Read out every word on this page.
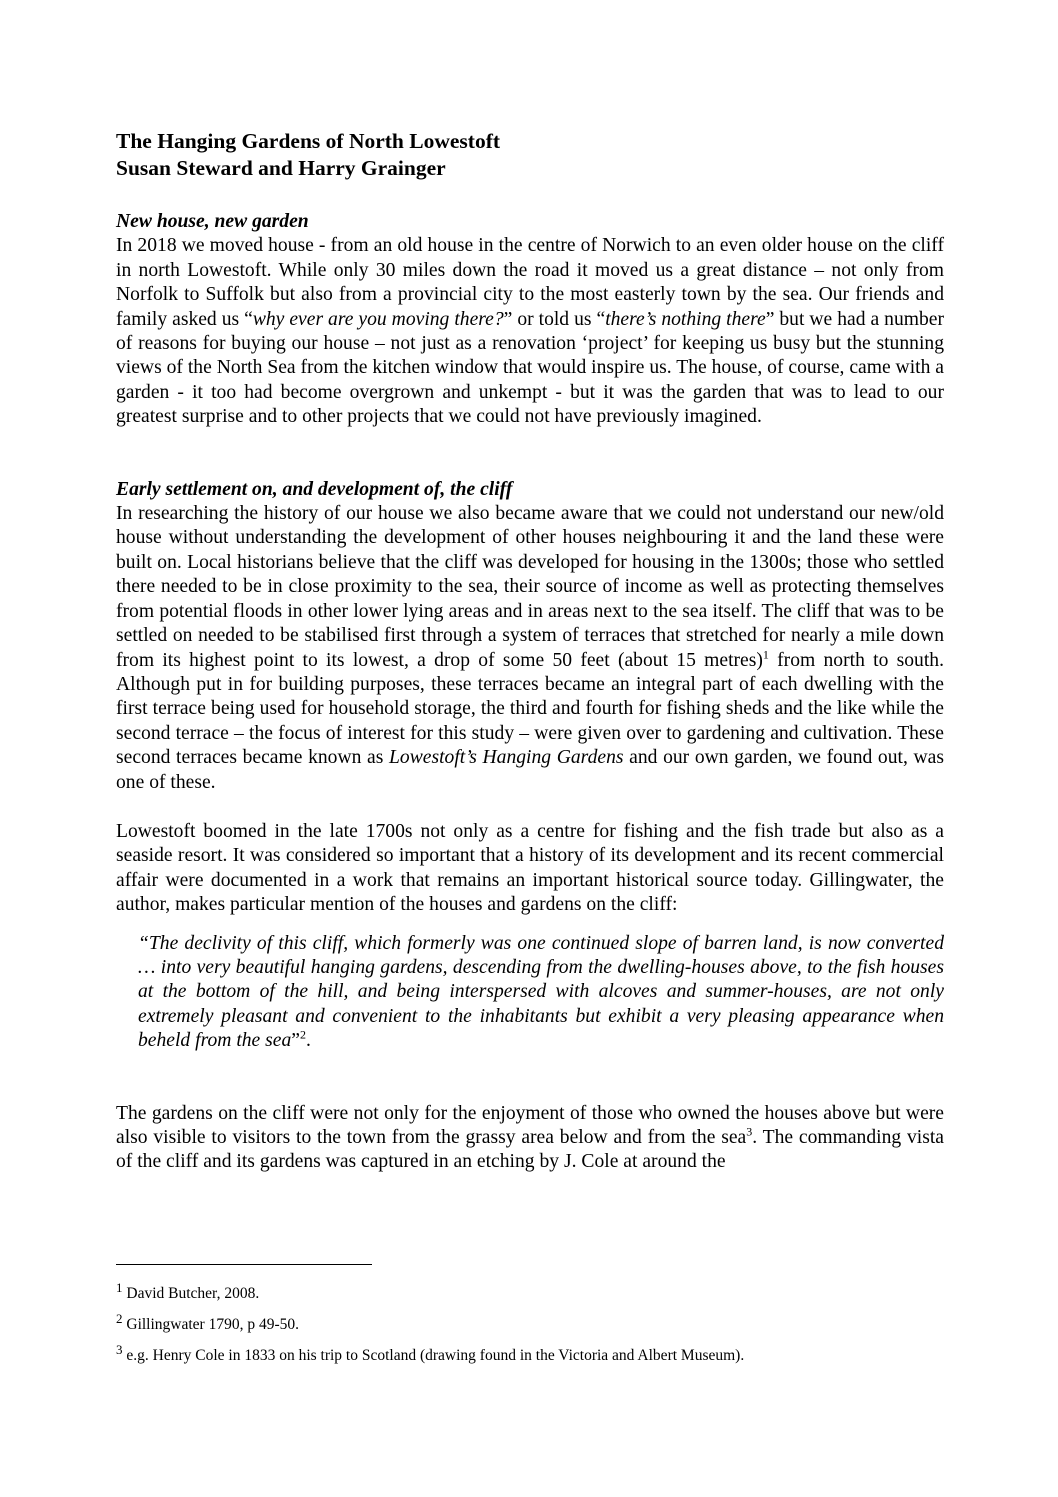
The Hanging Gardens of North Lowestoft
Susan Steward and Harry Grainger
New house, new garden

In 2018 we moved house - from an old house in the centre of Norwich to an even older house on the cliff in north Lowestoft. While only 30 miles down the road it moved us a great distance – not only from Norfolk to Suffolk but also from a provincial city to the most easterly town by the sea. Our friends and family asked us “why ever are you moving there?” or told us “there’s nothing there” but we had a number of reasons for buying our house – not just as a renovation ‘project’ for keeping us busy but the stunning views of the North Sea from the kitchen window that would inspire us. The house, of course, came with a garden - it too had become overgrown and unkempt - but it was the garden that was to lead to our greatest surprise and to other projects that we could not have previously imagined.

Early settlement on, and development of, the cliff

In researching the history of our house we also became aware that we could not understand our new/old house without understanding the development of other houses neighbouring it and the land these were built on. Local historians believe that the cliff was developed for housing in the 1300s; those who settled there needed to be in close proximity to the sea, their source of income as well as protecting themselves from potential floods in other lower lying areas and in areas next to the sea itself. The cliff that was to be settled on needed to be stabilised first through a system of terraces that stretched for nearly a mile down from its highest point to its lowest, a drop of some 50 feet (about 15 metres)$^1$ from north to south. Although put in for building purposes, these terraces became an integral part of each dwelling with the first terrace being used for household storage, the third and fourth for fishing sheds and the like while the second terrace – the focus of interest for this study – were given over to gardening and cultivation. These second terraces became known as Lowestoft’s Hanging Gardens and our own garden, we found out, was one of these.

Lowestoft boomed in the late 1700s not only as a centre for fishing and the fish trade but also as a seaside resort. It was considered so important that a history of its development and its recent commercial affair were documented in a work that remains an important historical source today. Gillingwater, the author, makes particular mention of the houses and gardens on the cliff:

“The declivity of this cliff, which formerly was one continued slope of barren land, is now converted … into very beautiful hanging gardens, descending from the dwelling-houses above, to the fish houses at the bottom of the hill, and being interspersed with alcoves and summer-houses, are not only extremely pleasant and convenient to the inhabitants but exhibit a very pleasing appearance when beheld from the sea”$^2$.

The gardens on the cliff were not only for the enjoyment of those who owned the houses above but were also visible to visitors to the town from the grassy area below and from the sea$^3$. The commanding vista of the cliff and its gardens was captured in an etching by J. Cole at around the

$^1$ David Butcher, 2008.
$^2$ Gillingwater 1790, p 49-50.
$^3$ e.g. Henry Cole in 1833 on his trip to Scotland (drawing found in the Victoria and Albert Museum).
